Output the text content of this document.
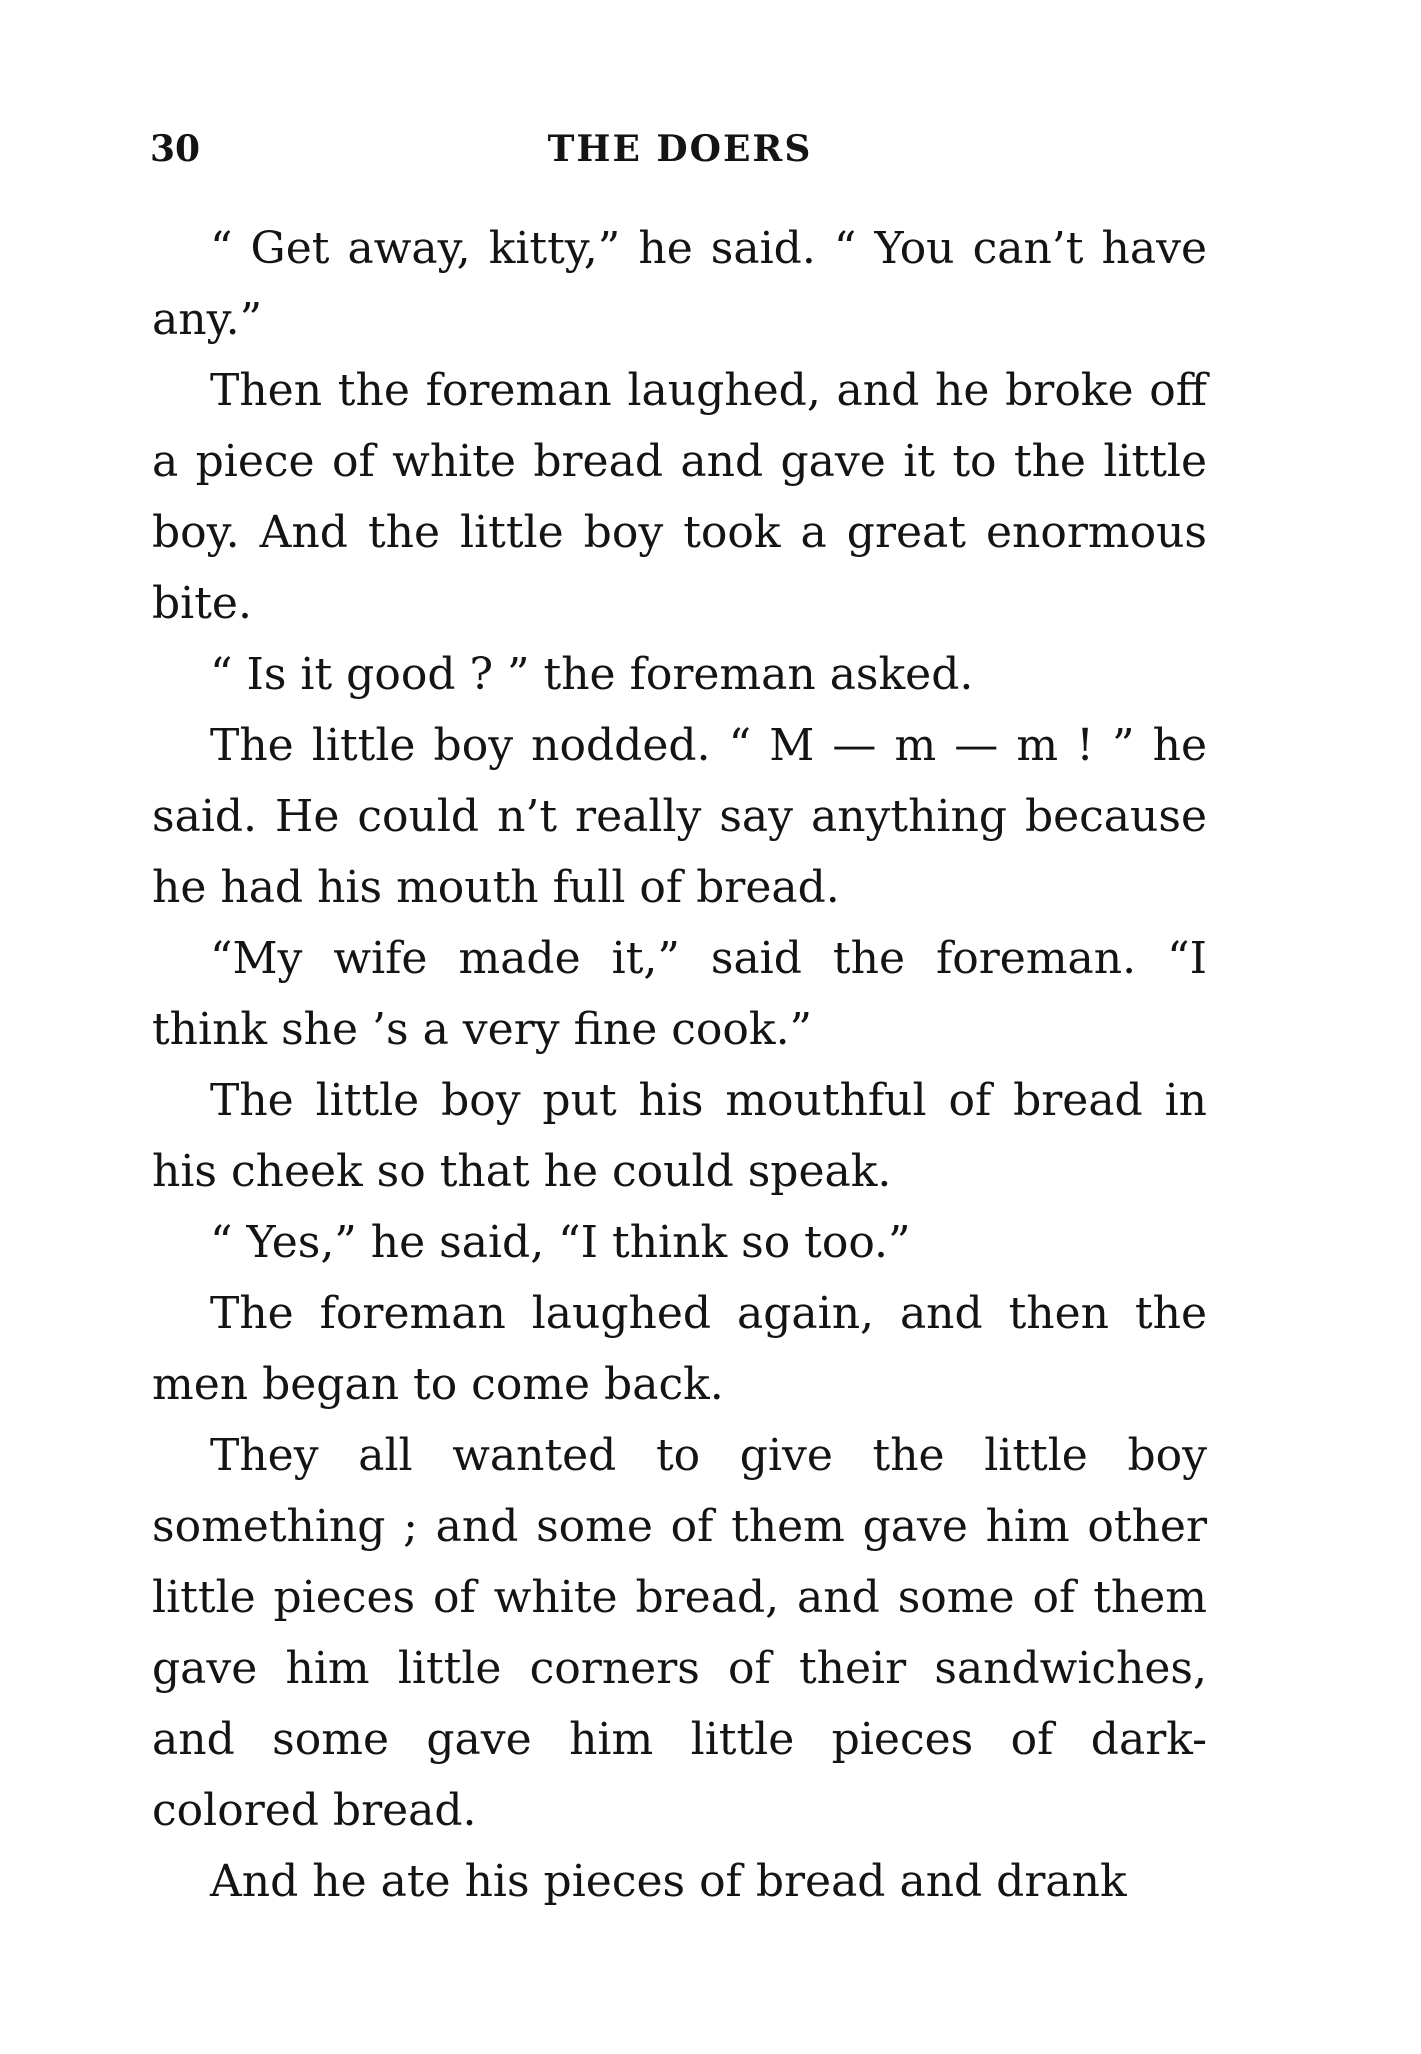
30	THE DOERS

“ Get away, kitty,” he said. “ You can’t have any.”

Then the foreman laughed, and he broke off a piece of white bread and gave it to the little boy. And the little boy took a great enormous bite.

“ Is it good ? ” the foreman asked.

The little boy nodded. “ M — m — m ! ” he said. He could n’t really say anything because he had his mouth full of bread.

“My wife made it,” said the foreman. “I think she ’s a very fine cook.”

The little boy put his mouthful of bread in his cheek so that he could speak.

“ Yes,” he said, “I think so too.”

The foreman laughed again, and then the men began to come back.

They all wanted to give the little boy something ; and some of them gave him other little pieces of white bread, and some of them gave him little corners of their sandwiches, and some gave him little pieces of dark-colored bread.

And he ate his pieces of bread and drank
